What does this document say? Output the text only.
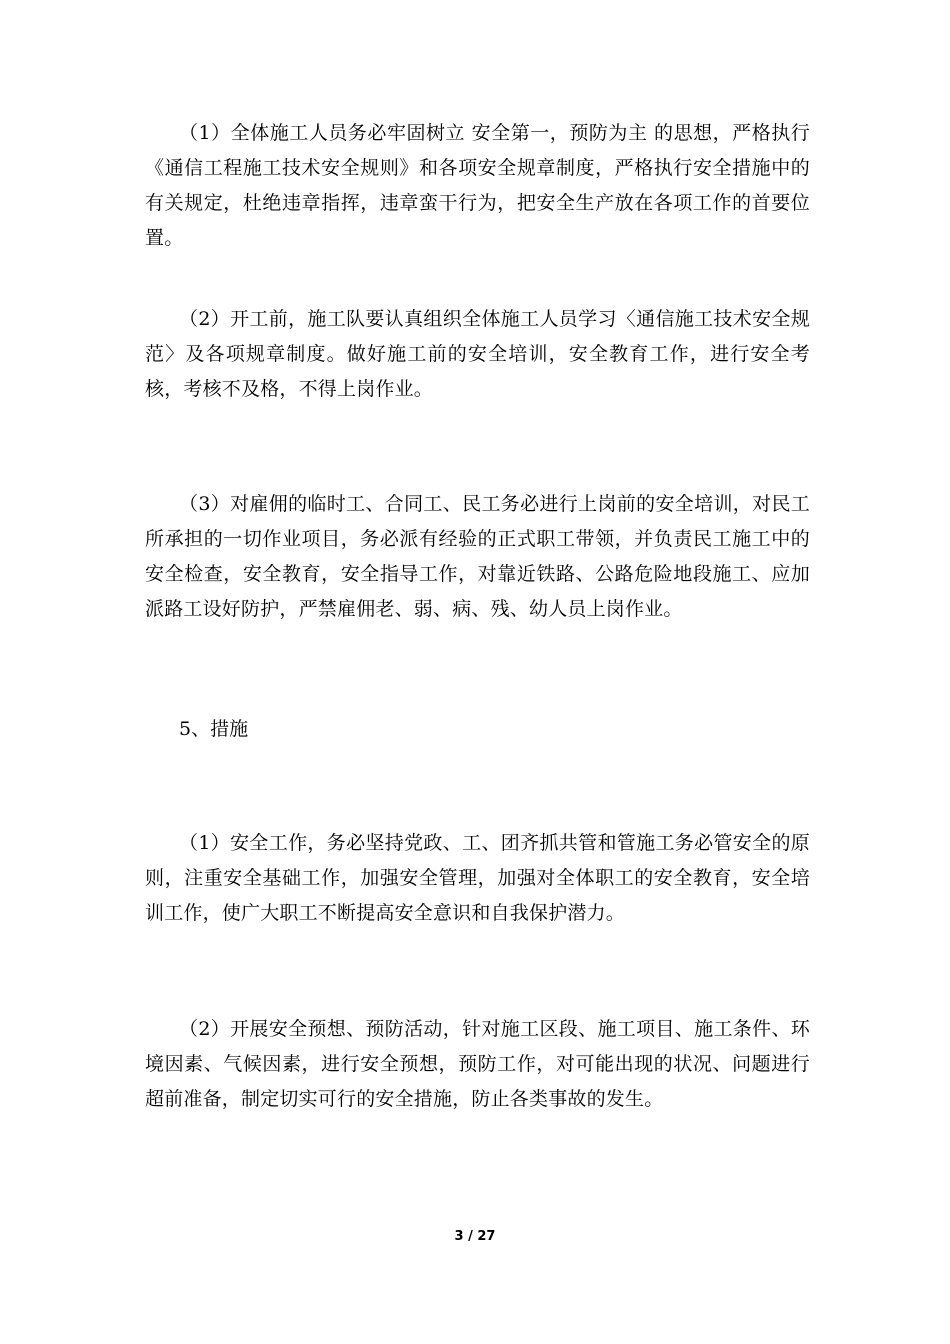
（1）全体施工人员务必牢固树立 安全第一，预防为主 的思想，严格执行《通信工程施工技术安全规则》和各项安全规章制度，严格执行安全措施中的有关规定，杜绝违章指挥，违章蛮干行为，把安全生产放在各项工作的首要位置。

（2）开工前，施工队要认真组织全体施工人员学习〈通信施工技术安全规范〉及各项规章制度。做好施工前的安全培训，安全教育工作，进行安全考核，考核不及格，不得上岗作业。

（3）对雇佣的临时工、合同工、民工务必进行上岗前的安全培训，对民工所承担的一切作业项目，务必派有经验的正式职工带领，并负责民工施工中的安全检查，安全教育，安全指导工作，对靠近铁路、公路危险地段施工、应加派路工设好防护，严禁雇佣老、弱、病、残、幼人员上岗作业。

5、措施

（1）安全工作，务必坚持党政、工、团齐抓共管和管施工务必管安全的原则，注重安全基础工作，加强安全管理，加强对全体职工的安全教育，安全培训工作，使广大职工不断提高安全意识和自我保护潜力。

（2）开展安全预想、预防活动，针对施工区段、施工项目、施工条件、环境因素、气候因素，进行安全预想，预防工作，对可能出现的状况、问题进行超前准备，制定切实可行的安全措施，防止各类事故的发生。

3 / 27
